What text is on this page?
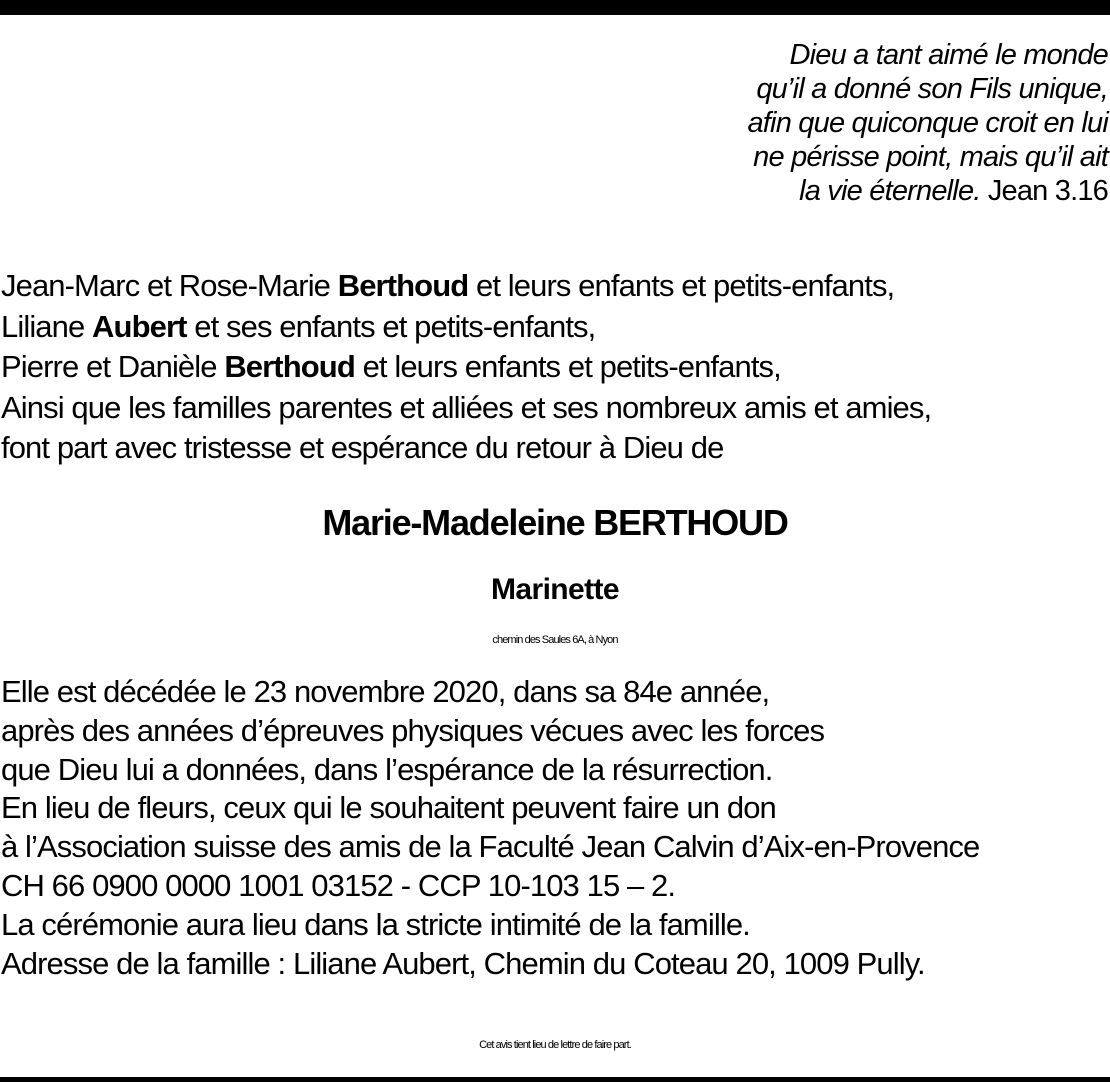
Dieu a tant aimé le monde
qu’il a donné son Fils unique,
afin que quiconque croit en lui
ne périsse point, mais qu’il ait
la vie éternelle. Jean 3.16
Jean-Marc et Rose-Marie Berthoud et leurs enfants et petits-enfants,
Liliane Aubert et ses enfants et petits-enfants,
Pierre et Danièle Berthoud et leurs enfants et petits-enfants,
Ainsi que les familles parentes et alliées et ses nombreux amis et amies,
font part avec tristesse et espérance du retour à Dieu de
Marie-Madeleine BERTHOUD
Marinette
chemin des Saules 6A, à Nyon
Elle est décédée le 23 novembre 2020, dans sa 84e année,
après des années d’épreuves physiques vécues avec les forces
que Dieu lui a données, dans l’espérance de la résurrection.
En lieu de fleurs, ceux qui le souhaitent peuvent faire un don
à l’Association suisse des amis de la Faculté Jean Calvin d’Aix-en-Provence
CH 66 0900 0000 1001 03152 - CCP 10-103 15 – 2.
La cérémonie aura lieu dans la stricte intimité de la famille.
Adresse de la famille : Liliane Aubert, Chemin du Coteau 20, 1009 Pully.
Cet avis tient lieu de lettre de faire part.
